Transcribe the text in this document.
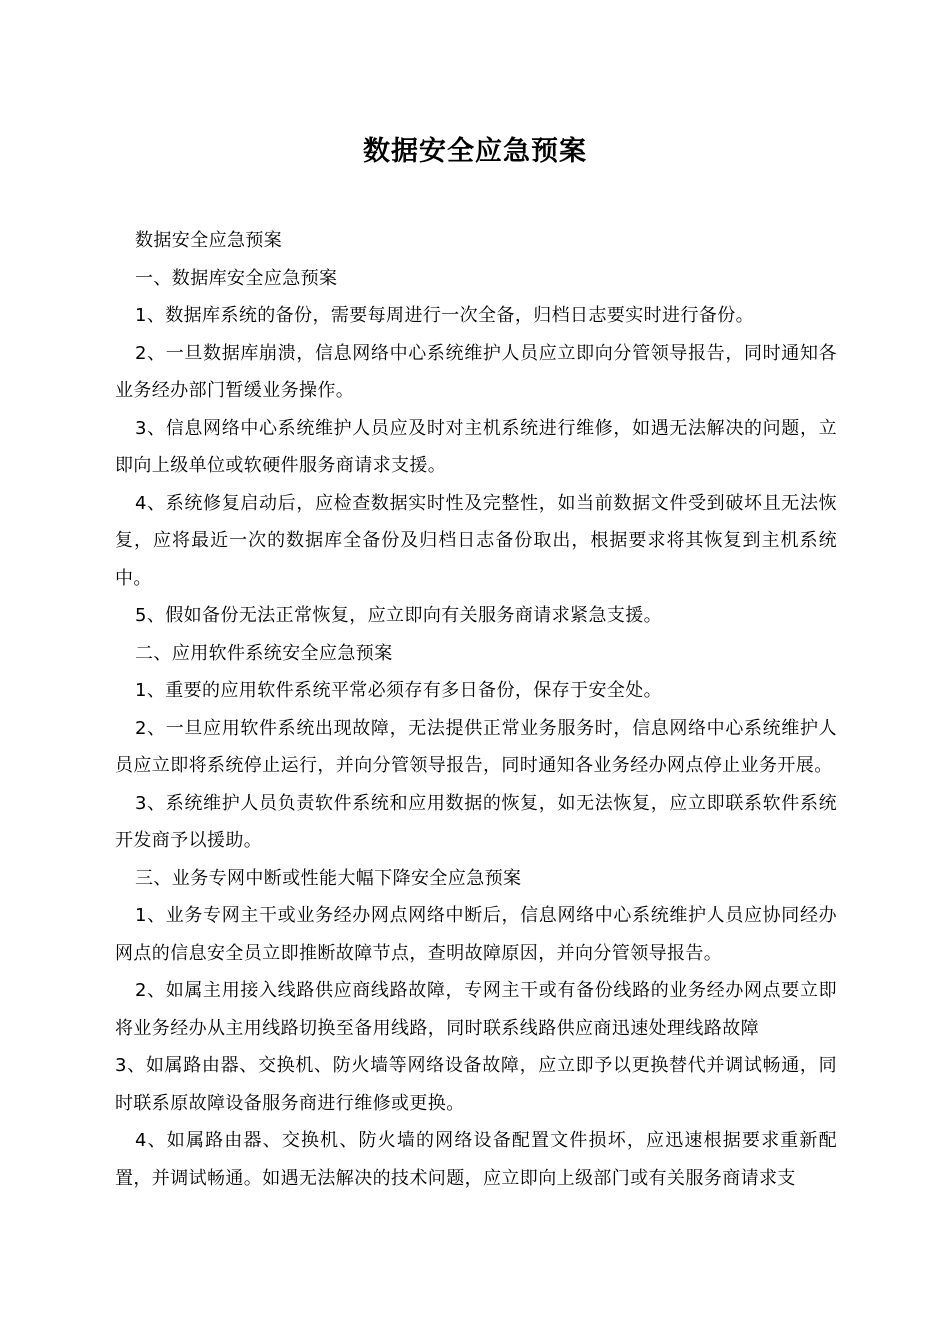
数据安全应急预案

数据安全应急预案

一、数据库安全应急预案

1、数据库系统的备份，需要每周进行一次全备，归档日志要实时进行备份。

2、一旦数据库崩溃，信息网络中心系统维护人员应立即向分管领导报告，同时通知各业务经办部门暂缓业务操作。

3、信息网络中心系统维护人员应及时对主机系统进行维修，如遇无法解决的问题，立即向上级单位或软硬件服务商请求支援。

4、系统修复启动后，应检查数据实时性及完整性，如当前数据文件受到破坏且无法恢复，应将最近一次的数据库全备份及归档日志备份取出，根据要求将其恢复到主机系统中。

5、假如备份无法正常恢复，应立即向有关服务商请求紧急支援。

二、应用软件系统安全应急预案

1、重要的应用软件系统平常必须存有多日备份，保存于安全处。

2、一旦应用软件系统出现故障，无法提供正常业务服务时，信息网络中心系统维护人员应立即将系统停止运行，并向分管领导报告，同时通知各业务经办网点停止业务开展。

3、系统维护人员负责软件系统和应用数据的恢复，如无法恢复，应立即联系软件系统开发商予以援助。

三、业务专网中断或性能大幅下降安全应急预案

1、业务专网主干或业务经办网点网络中断后，信息网络中心系统维护人员应协同经办网点的信息安全员立即推断故障节点，查明故障原因，并向分管领导报告。

2、如属主用接入线路供应商线路故障，专网主干或有备份线路的业务经办网点要立即将业务经办从主用线路切换至备用线路，同时联系线路供应商迅速处理线路故障

3、如属路由器、交换机、防火墙等网络设备故障，应立即予以更换替代并调试畅通，同时联系原故障设备服务商进行维修或更换。

4、如属路由器、交换机、防火墙的网络设备配置文件损坏，应迅速根据要求重新配置，并调试畅通。如遇无法解决的技术问题，应立即向上级部门或有关服务商请求支
